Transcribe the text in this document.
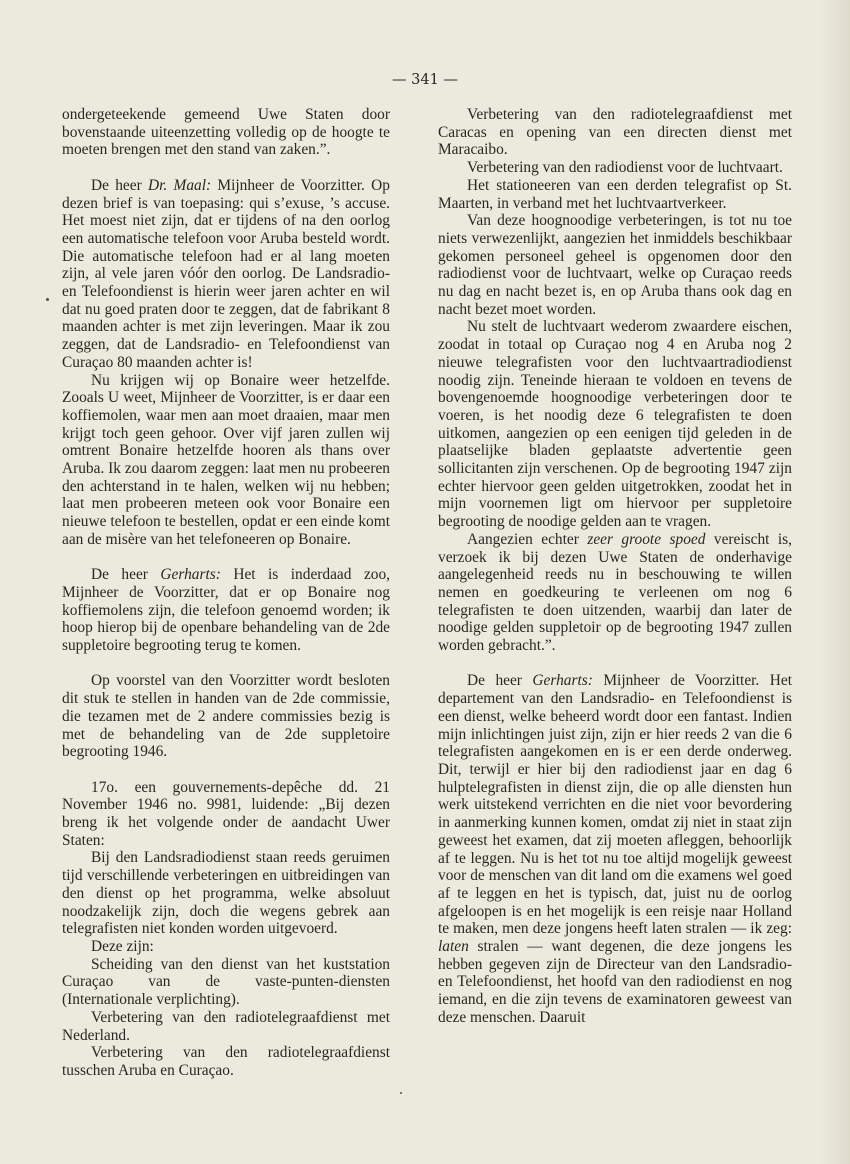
— 341 —

ondergeteekende gemeend Uwe Staten door bovenstaande uiteenzetting volledig op de hoogte te moeten brengen met den stand van zaken.”.

De heer Dr. Maal: Mijnheer de Voorzitter. Op dezen brief is van toepasing: qui s’exuse, ’s accuse. Het moest niet zijn, dat er tijdens of na den oorlog een automatische telefoon voor Aruba besteld wordt. Die automatische telefoon had er al lang moeten zijn, al vele jaren vóór den oorlog. De Landsradio- en Telefoondienst is hierin weer jaren achter en wil dat nu goed praten door te zeggen, dat de fabrikant 8 maanden achter is met zijn leveringen. Maar ik zou zeggen, dat de Landsradio- en Telefoondienst van Curaçao 80 maanden achter is!

Nu krijgen wij op Bonaire weer hetzelfde. Zooals U weet, Mijnheer de Voorzitter, is er daar een koffiemolen, waar men aan moet draaien, maar men krijgt toch geen gehoor. Over vijf jaren zullen wij omtrent Bonaire hetzelfde hooren als thans over Aruba. Ik zou daarom zeggen: laat men nu probeeren den achterstand in te halen, welken wij nu hebben; laat men probeeren meteen ook voor Bonaire een nieuwe telefoon te bestellen, opdat er een einde komt aan de misère van het telefoneeren op Bonaire.

De heer Gerharts: Het is inderdaad zoo, Mijnheer de Voorzitter, dat er op Bonaire nog koffiemolens zijn, die telefoon genoemd worden; ik hoop hierop bij de openbare behandeling van de 2de suppletoire begrooting terug te komen.

Op voorstel van den Voorzitter wordt besloten dit stuk te stellen in handen van de 2de commissie, die tezamen met de 2 andere commissies bezig is met de behandeling van de 2de suppletoire begrooting 1946.

17o. een gouvernements-depêche dd. 21 November 1946 no. 9981, luidende: „Bij dezen breng ik het volgende onder de aandacht Uwer Staten:

Bij den Landsradiodienst staan reeds geruimen tijd verschillende verbeteringen en uitbreidingen van den dienst op het programma, welke absoluut noodzakelijk zijn, doch die wegens gebrek aan telegrafisten niet konden worden uitgevoerd.

Deze zijn:

Scheiding van den dienst van het kuststation Curaçao van de vaste-punten-diensten (Internationale verplichting).

Verbetering van den radiotelegraafdienst met Nederland.

Verbetering van den radiotelegraafdienst tusschen Aruba en Curaçao.

Verbetering van den radiotelegraafdienst met Caracas en opening van een directen dienst met Maracaibo.

Verbetering van den radiodienst voor de luchtvaart.

Het stationeeren van een derden telegrafist op St. Maarten, in verband met het luchtvaartverkeer.

Van deze hoognoodige verbeteringen, is tot nu toe niets verwezenlijkt, aangezien het inmiddels beschikbaar gekomen personeel geheel is opgenomen door den radiodienst voor de luchtvaart, welke op Curaçao reeds nu dag en nacht bezet is, en op Aruba thans ook dag en nacht bezet moet worden.

Nu stelt de luchtvaart wederom zwaardere eischen, zoodat in totaal op Curaçao nog 4 en Aruba nog 2 nieuwe telegrafisten voor den luchtvaartradiodienst noodig zijn. Teneinde hieraan te voldoen en tevens de bovengenoemde hoognoodige verbeteringen door te voeren, is het noodig deze 6 telegrafisten te doen uitkomen, aangezien op een eenigen tijd geleden in de plaatselijke bladen geplaatste advertentie geen sollicitanten zijn verschenen. Op de begrooting 1947 zijn echter hiervoor geen gelden uitgetrokken, zoodat het in mijn voornemen ligt om hiervoor per suppletoire begrooting de noodige gelden aan te vragen.

Aangezien echter zeer groote spoed vereischt is, verzoek ik bij dezen Uwe Staten de onderhavige aangelegenheid reeds nu in beschouwing te willen nemen en goedkeuring te verleenen om nog 6 telegrafisten te doen uitzenden, waarbij dan later de noodige gelden suppletoir op de begrooting 1947 zullen worden gebracht.”.

De heer Gerharts: Mijnheer de Voorzitter. Het departement van den Landsradio- en Telefoondienst is een dienst, welke beheerd wordt door een fantast. Indien mijn inlichtingen juist zijn, zijn er hier reeds 2 van die 6 telegrafisten aangekomen en is er een derde onderweg. Dit, terwijl er hier bij den radiodienst jaar en dag 6 hulptelegrafisten in dienst zijn, die op alle diensten hun werk uitstekend verrichten en die niet voor bevordering in aanmerking kunnen komen, omdat zij niet in staat zijn geweest het examen, dat zij moeten afleggen, behoorlijk af te leggen. Nu is het tot nu toe altijd mogelijk geweest voor de menschen van dit land om die examens wel goed af te leggen en het is typisch, dat, juist nu de oorlog afgeloopen is en het mogelijk is een reisje naar Holland te maken, men deze jongens heeft laten stralen — ik zeg: laten stralen — want degenen, die deze jongens les hebben gegeven zijn de Directeur van den Landsradio- en Telefoondienst, het hoofd van den radiodienst en nog iemand, en die zijn tevens de examinatoren geweest van deze menschen. Daaruit
